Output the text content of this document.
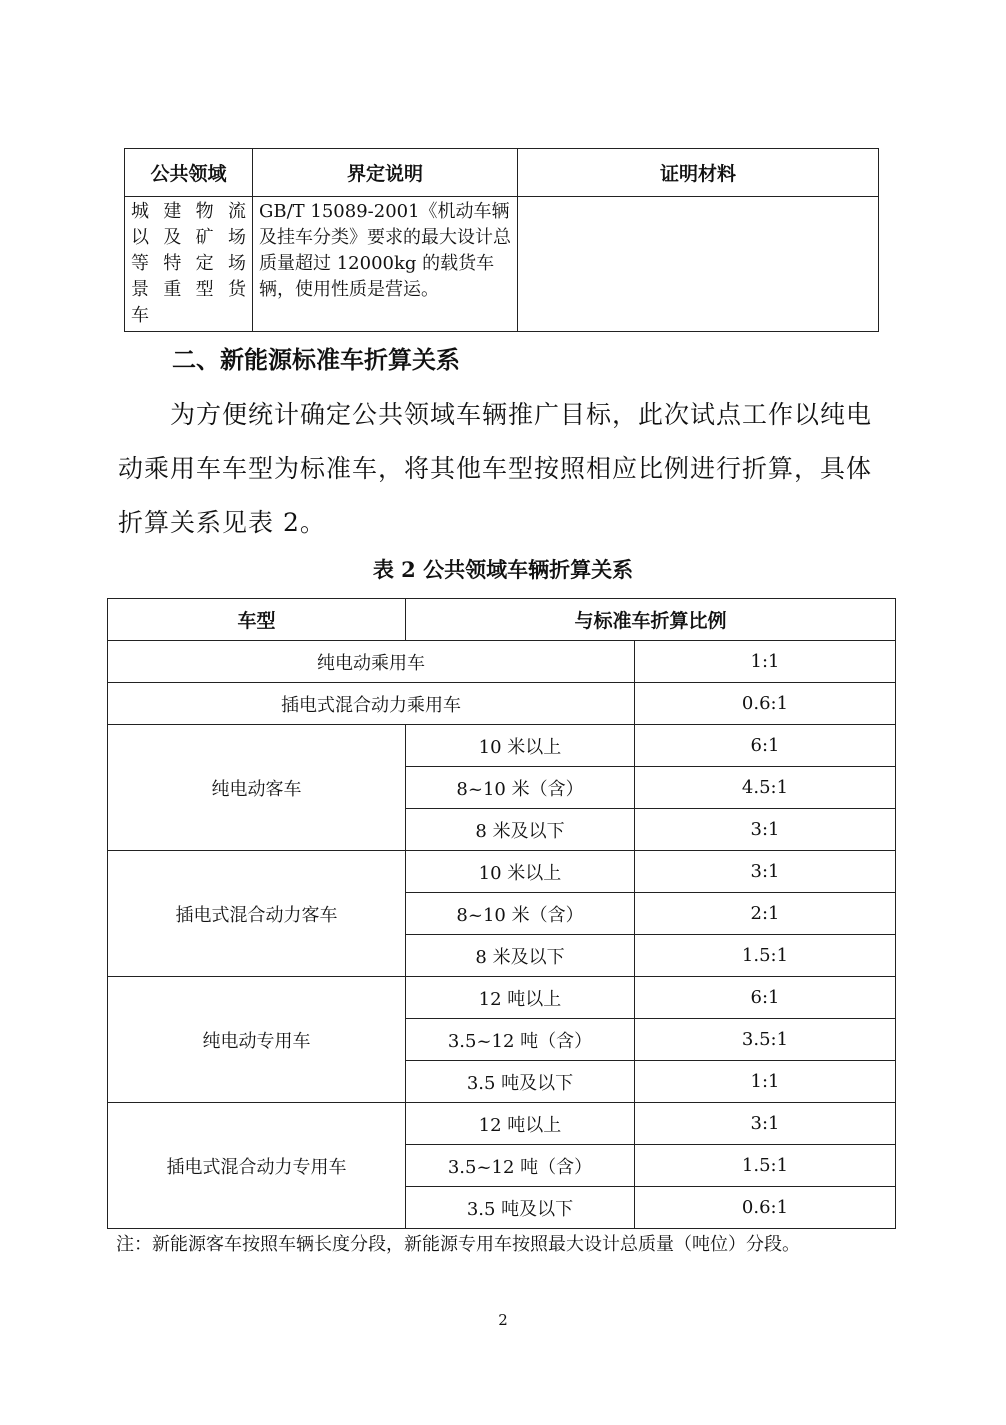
公共领域	界定说明	证明材料

城建物流
以及矿场
等特定场
景重型货
车	GB/T 15089-2001《机动车辆及挂车分类》要求的最大设计总质量超过 12000kg 的载货车辆，使用性质是营运。	
二、新能源标准车折算关系

为方便统计确定公共领域车辆推广目标，此次试点工作以纯电动乘用车车型为标准车，将其他车型按照相应比例进行折算，具体折算关系见表 2。

表 2 公共领域车辆折算关系

车型	与标准车折算比例	
纯电动乘用车		1:1
插电式混合动力乘用车		0.6:1
纯电动客车	10 米以上	6:1
	8~10 米（含）	4.5:1
	8 米及以下	3:1
插电式混合动力客车	10 米以上	3:1
	8~10 米（含）	2:1
	8 米及以下	1.5:1
纯电动专用车	12 吨以上	6:1
	3.5~12 吨（含）	3.5:1
	3.5 吨及以下	1:1
插电式混合动力专用车	12 吨以上	3:1
	3.5~12 吨（含）	1.5:1
	3.5 吨及以下	0.6:1

注：新能源客车按照车辆长度分段，新能源专用车按照最大设计总质量（吨位）分段。

2
